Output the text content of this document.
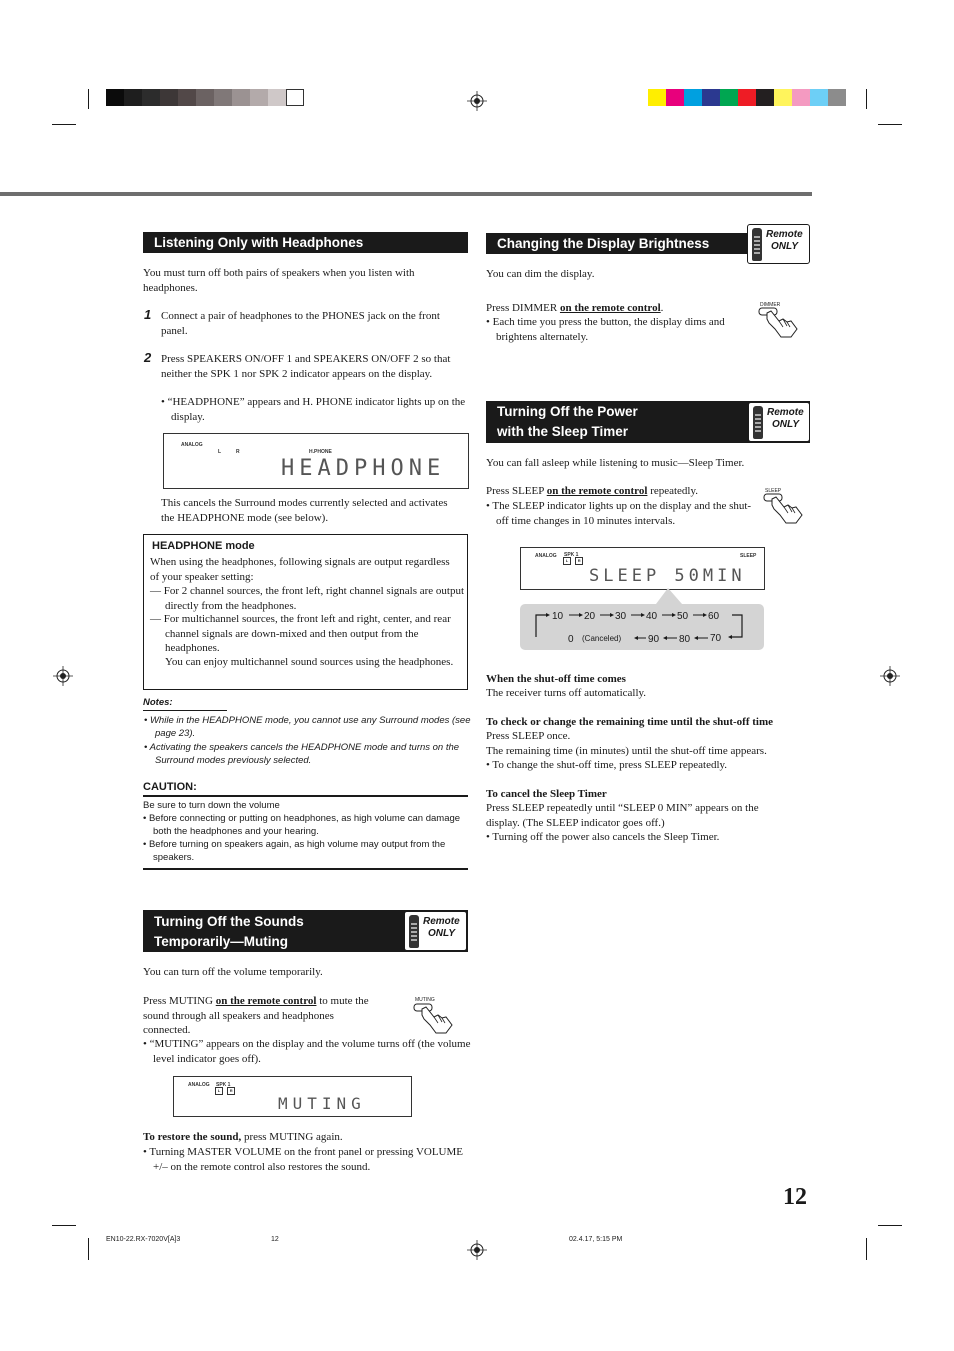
Listening Only with Headphones
You must turn off both pairs of speakers when you listen with headphones.
1 Connect a pair of headphones to the PHONES jack on the front panel.
2 Press SPEAKERS ON/OFF 1 and SPEAKERS ON/OFF 2 so that neither the SPK 1 nor SPK 2 indicator appears on the display.
• “HEADPHONE” appears and H. PHONE indicator lights up on the display.
ANALOG
L	R	H.PHONE
HEADPHONE
This cancels the Surround modes currently selected and activates the HEADPHONE mode (see below).
HEADPHONE mode
When using the headphones, following signals are output regardless of your speaker setting:
— For 2 channel sources, the front left, right channel signals are output directly from the headphones.
— For multichannel sources, the front left and right, center, and rear channel signals are down-mixed and then output from the headphones.
You can enjoy multichannel sound sources using the headphones.
Notes:
• While in the HEADPHONE mode, you cannot use any Surround modes (see page 23).
• Activating the speakers cancels the HEADPHONE mode and turns on the Surround modes previously selected.
CAUTION:
Be sure to turn down the volume
• Before connecting or putting on headphones, as high volume can damage both the headphones and your hearing.
• Before turning on speakers again, as high volume may output from the speakers.
Turning Off the Sounds
Temporarily—Muting
Remote
ONLY
You can turn off the volume temporarily.
Press MUTING on the remote control to mute the sound through all speakers and headphones connected.
MUTING
• “MUTING” appears on the display and the volume turns off (the volume level indicator goes off).
ANALOG SPK 1
L R
MUTING
To restore the sound, press MUTING again.
• Turning MASTER VOLUME on the front panel or pressing VOLUME +/– on the remote control also restores the sound.
Changing the Display Brightness
Remote
ONLY
You can dim the display.
Press DIMMER on the remote control.
• Each time you press the button, the display dims and brightens alternately.
DIMMER
Turning Off the Power
with the Sleep Timer
Remote
ONLY
You can fall asleep while listening to music—Sleep Timer.
Press SLEEP on the remote control repeatedly.
• The SLEEP indicator lights up on the display and the shut-off time changes in 10 minutes intervals.
SLEEP
ANALOG SPK 1
L R
SLEEP
SLEEP 50MIN
10 20 30 40 50 60
0 (Canceled)	90 80 70
When the shut-off time comes
The receiver turns off automatically.
To check or change the remaining time until the shut-off time
Press SLEEP once.
The remaining time (in minutes) until the shut-off time appears.
• To change the shut-off time, press SLEEP repeatedly.
To cancel the Sleep Timer
Press SLEEP repeatedly until “SLEEP 0 MIN” appears on the display. (The SLEEP indicator goes off.)
• Turning off the power also cancels the Sleep Timer.
12
EN10-22.RX-7020V[A]3	12	02.4.17, 5:15 PM
